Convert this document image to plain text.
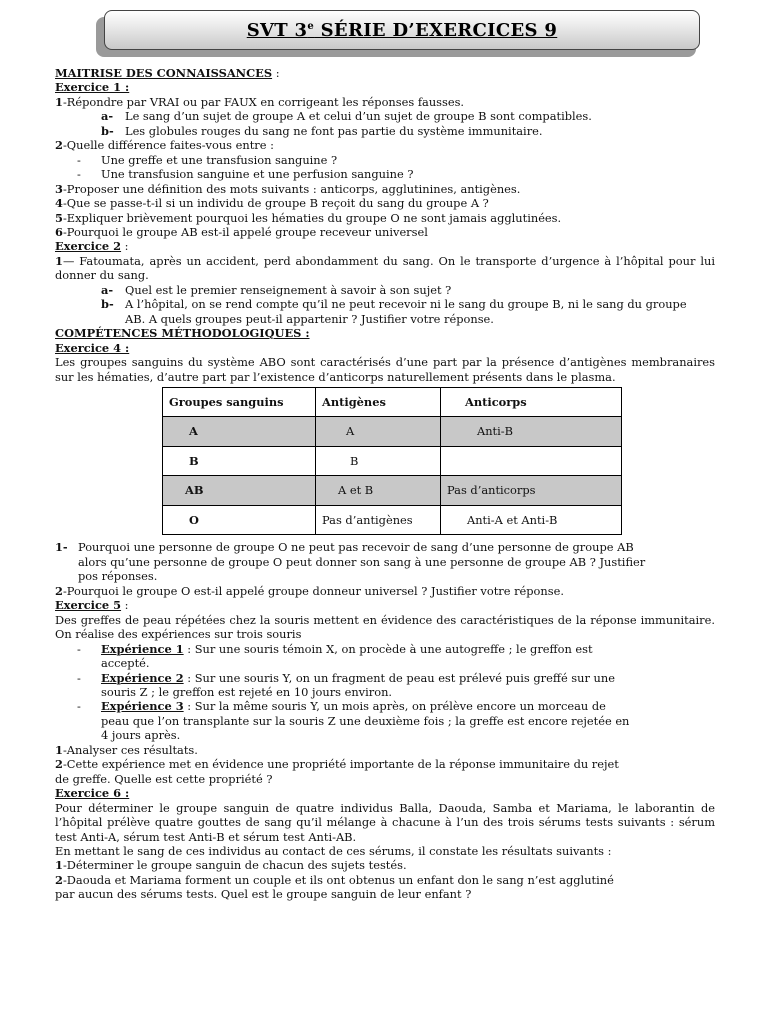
SVT 3e SÉRIE D’EXERCICES 9
MAITRISE DES CONNAISSANCES :
Exercice 1 :
1-Répondre par VRAI ou par FAUX en corrigeant les réponses fausses.
a-	Le sang d’un sujet de groupe A et celui d’un sujet de groupe B sont compatibles.
b- Les globules rouges du sang ne font pas partie du système immunitaire.
2-Quelle différence faites-vous entre :
-	Une greffe et une transfusion sanguine ?
-	Une transfusion sanguine et une perfusion sanguine ?
3-Proposer une définition des mots suivants : anticorps, agglutinines, antigènes.
4-Que se passe-t-il si un individu de groupe B reçoit du sang du groupe A ?
5-Expliquer brièvement pourquoi les hématies du groupe O ne sont jamais agglutinées.
6-Pourquoi le groupe AB est-il appelé groupe receveur universel
Exercice 2 :
1— Fatoumata, après un accident, perd abondamment du sang. On le transporte d’urgence à l’hôpital pour lui donner du sang.
a-	Quel est le premier renseignement à savoir à son sujet ?
b- A l’hôpital, on se rend compte qu’il ne peut recevoir ni le sang du groupe B, ni le sang du groupe
AB. A quels groupes peut-il appartenir ? Justifier votre réponse.
COMPÉTENCES MÉTHODOLOGIQUES :
Exercice 4 :
Les groupes sanguins du système ABO sont caractérisés d’une part par la présence d’antigènes membranaires sur les hématies, d’autre part par l’existence d’anticorps naturellement présents dans le plasma.
Groupes sanguins	Antigènes	Anticorps
A	A	Anti-B
B	B	
AB	A et B	Pas d’anticorps
O	Pas d’antigènes	Anti-A et Anti-B
1- Pourquoi une personne de groupe O ne peut pas recevoir de sang d’une personne de groupe AB
alors qu’une personne de groupe O peut donner son sang à une personne de groupe AB ? Justifier
pos réponses.
2-Pourquoi le groupe O est-il appelé groupe donneur universel ? Justifier votre réponse.
Exercice 5 :
Des greffes de peau répétées chez la souris mettent en évidence des caractéristiques de la réponse immunitaire. On réalise des expériences sur trois souris
-	Expérience 1 : Sur une souris témoin X, on procède à une autogreffe ; le greffon est
accepté.
-	Expérience 2 : Sur une souris Y, on un fragment de peau est prélevé puis greffé sur une
souris Z ; le greffon est rejeté en 10 jours environ.
-	Expérience 3 : Sur la même souris Y, un mois après, on prélève encore un morceau de
peau que l’on transplante sur la souris Z une deuxième fois ; la greffe est encore rejetée en
4 jours après.
1-Analyser ces résultats.
2-Cette expérience met en évidence une propriété importante de la réponse immunitaire du rejet
de greffe. Quelle est cette propriété ?
Exercice 6 :
Pour déterminer le groupe sanguin de quatre individus Balla, Daouda, Samba et Mariama, le laborantin de l’hôpital prélève quatre gouttes de sang qu’il mélange à chacune à l’un des trois sérums tests suivants : sérum test Anti-A, sérum test Anti-B et sérum test Anti-AB.
En mettant le sang de ces individus au contact de ces sérums, il constate les résultats suivants :
1-Déterminer le groupe sanguin de chacun des sujets testés.
2-Daouda et Mariama forment un couple et ils ont obtenus un enfant don le sang n’est agglutiné
par aucun des sérums tests. Quel est le groupe sanguin de leur enfant ?
